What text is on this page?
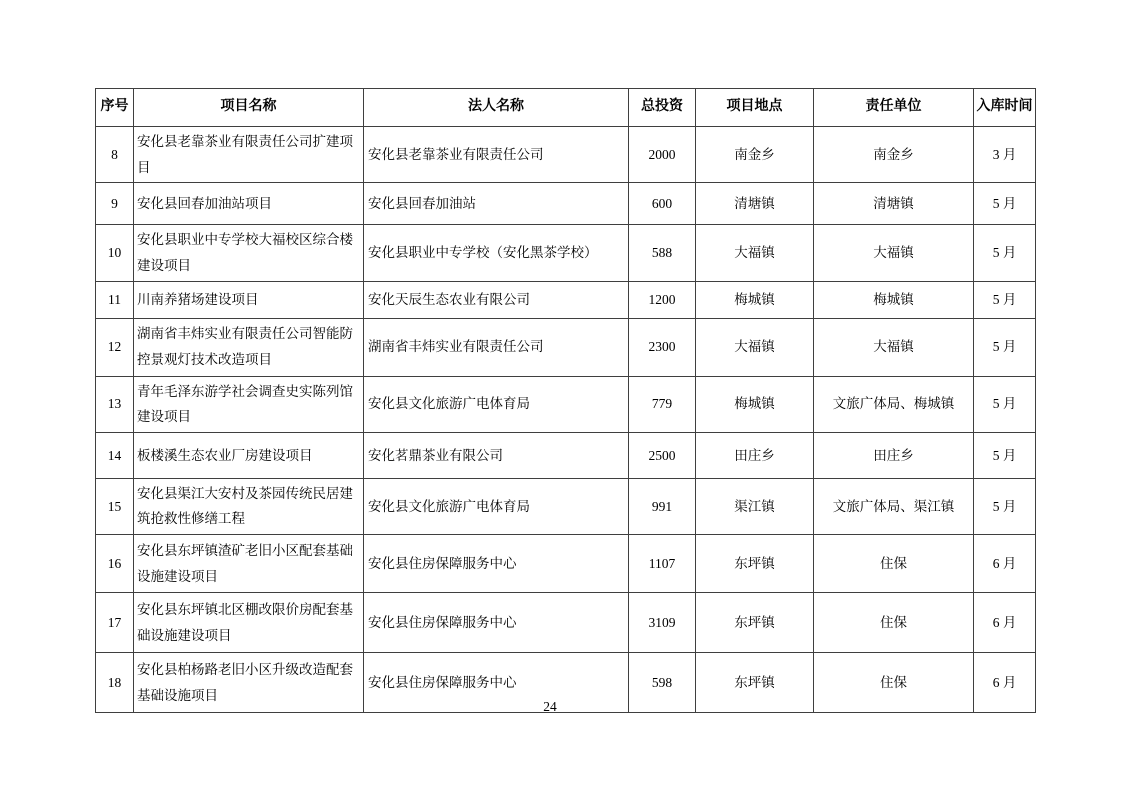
序号	项目名称	法人名称	总投资	项目地点	责任单位	入库时间
8	安化县老靠茶业有限责任公司扩建项目	安化县老靠茶业有限责任公司	2000	南金乡	南金乡	3 月
9	安化县回春加油站项目	安化县回春加油站	600	清塘镇	清塘镇	5 月
10	安化县职业中专学校大福校区综合楼建设项目	安化县职业中专学校（安化黑茶学校）	588	大福镇	大福镇	5 月
11	川南养猪场建设项目	安化天辰生态农业有限公司	1200	梅城镇	梅城镇	5 月
12	湖南省丰炜实业有限责任公司智能防控景观灯技术改造项目	湖南省丰炜实业有限责任公司	2300	大福镇	大福镇	5 月
13	青年毛泽东游学社会调查史实陈列馆建设项目	安化县文化旅游广电体育局	779	梅城镇	文旅广体局、梅城镇	5 月
14	板楼溪生态农业厂房建设项目	安化茗鼎茶业有限公司	2500	田庄乡	田庄乡	5 月
15	安化县渠江大安村及茶园传统民居建筑抢救性修缮工程	安化县文化旅游广电体育局	991	渠江镇	文旅广体局、渠江镇	5 月
16	安化县东坪镇渣矿老旧小区配套基础设施建设项目	安化县住房保障服务中心	1107	东坪镇	住保	6 月
17	安化县东坪镇北区棚改限价房配套基础设施建设项目	安化县住房保障服务中心	3109	东坪镇	住保	6 月
18	安化县柏杨路老旧小区升级改造配套基础设施项目	安化县住房保障服务中心	598	东坪镇	住保	6 月
24
